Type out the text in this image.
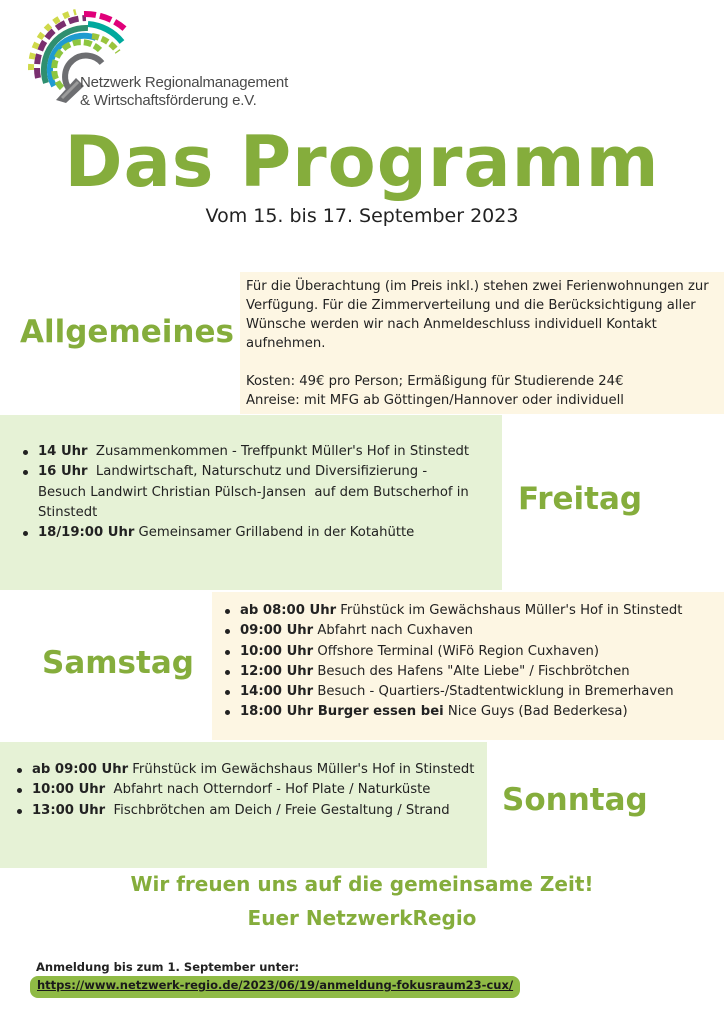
Netzwerk Regionalmanagement
& Wirtschaftsförderung e.V.
Das Programm
Vom 15. bis 17. September 2023
Allgemeines

Für die Überachtung (im Preis inkl.) stehen zwei Ferienwohnungen zur Verfügung. Für die Zimmerverteilung und die Berücksichtigung aller Wünsche werden wir nach Anmeldeschluss individuell Kontakt aufnehmen.

Kosten: 49€ pro Person; Ermäßigung für Studierende 24€
Anreise: mit MFG ab Göttingen/Hannover oder individuell
14 Uhr  Zusammenkommen - Treffpunkt Müller's Hof in Stinstedt
16 Uhr  Landwirtschaft, Naturschutz und Diversifizierung - Besuch Landwirt Christian Pülsch-Jansen  auf dem Butscherhof in Stinstedt
18/19:00 Uhr Gemeinsamer Grillabend in der Kotahütte
Freitag
Samstag
ab 08:00 Uhr Frühstück im Gewächshaus Müller's Hof in Stinstedt
09:00 Uhr Abfahrt nach Cuxhaven
10:00 Uhr Offshore Terminal (WiFö Region Cuxhaven)
12:00 Uhr Besuch des Hafens "Alte Liebe" / Fischbrötchen
14:00 Uhr Besuch - Quartiers-/Stadtentwicklung in Bremerhaven
18:00 Uhr Burger essen bei Nice Guys (Bad Bederkesa)
ab 09:00 Uhr Frühstück im Gewächshaus Müller's Hof in Stinstedt
10:00 Uhr  Abfahrt nach Otterndorf - Hof Plate / Naturküste
13:00 Uhr  Fischbrötchen am Deich / Freie Gestaltung / Strand	Sonntag
Wir freuen uns auf die gemeinsame Zeit!
Euer NetzwerkRegio
Anmeldung bis zum 1. September unter:
https://www.netzwerk-regio.de/2023/06/19/anmeldung-fokusraum23-cux/
